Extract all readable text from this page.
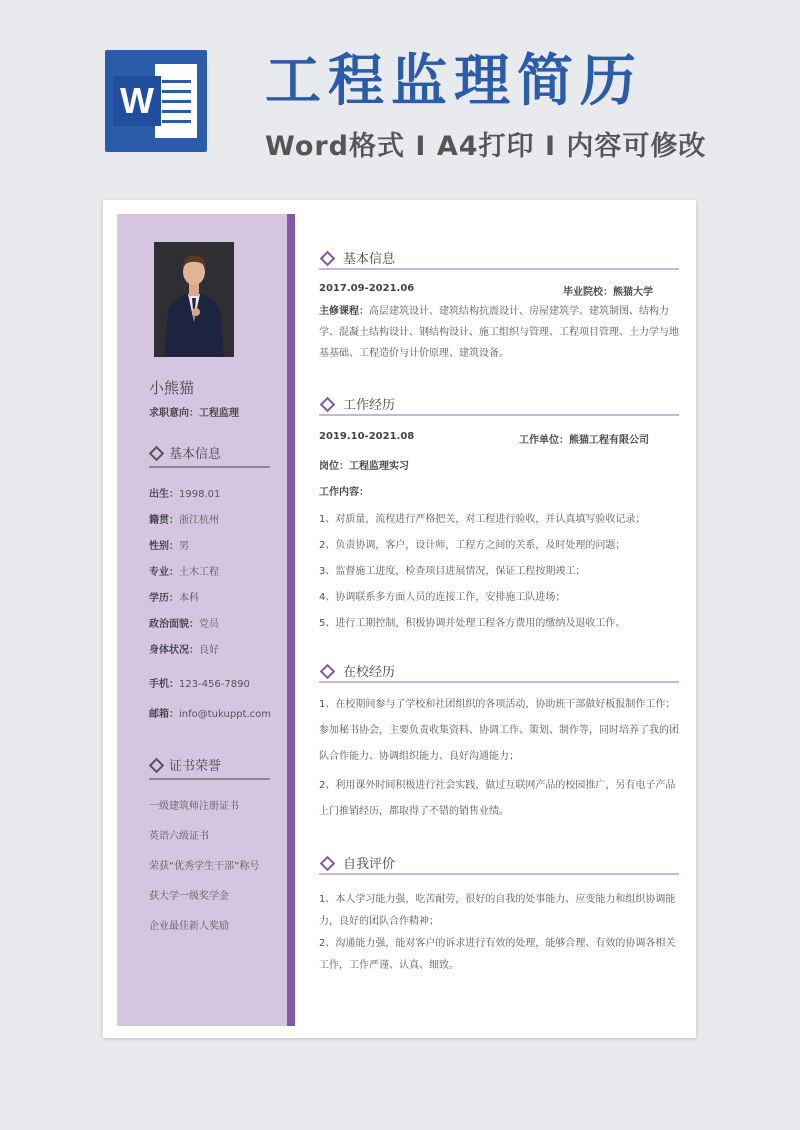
W 工程监理简历

Word格式 I A4打印 I 内容可修改

小熊猫
求职意向：工程监理
基本信息
出生：1998.01
籍贯：浙江杭州
性别：男
专业：土木工程
学历：本科
政治面貌：党员
身体状况：良好
手机：123-456-7890
邮箱：info@tukuppt.com
证书荣誉
一级建筑师注册证书
英语六级证书
荣获“优秀学生干部”称号
获大学一级奖学金
企业最佳新人奖励
基本信息
2017.09-2021.06	毕业院校：熊猫大学
主修课程：高层建筑设计、建筑结构抗震设计、房屋建筑学、建筑制图、结构力学、混凝土结构设计、钢结构设计、施工组织与管理、工程项目管理、土力学与地基基础、工程造价与计价原理、建筑设备。
工作经历
2019.10-2021.08	工作单位：熊猫工程有限公司
岗位：工程监理实习
工作内容：
1、对质量，流程进行严格把关，对工程进行验收，并认真填写验收记录；
2、负责协调，客户，设计师，工程方之间的关系，及时处理的问题；
3、监督施工进度，检查项目进展情况，保证工程按期竣工；
4、协调联系多方面人员的连接工作，安排施工队进场；
5、进行工期控制，积极协调并处理工程各方费用的缴纳及退收工作。
在校经历
1、在校期间参与了学校和社团组织的各项活动，协助班干部做好板报制作工作；参加秘书协会，主要负责收集资料、协调工作、策划、制作等，同时培养了我的团队合作能力、协调组织能力、良好沟通能力；
2、利用课外时间积极进行社会实践，做过互联网产品的校园推广，另有电子产品上门推销经历，都取得了不错的销售业绩。
自我评价
1、本人学习能力强，吃苦耐劳，很好的自我的处事能力、应变能力和组织协调能力，良好的团队合作精神；
2、沟通能力强，能对客户的诉求进行有效的处理，能够合理、有效的协调各相关工作，工作严谨、认真、细致。
